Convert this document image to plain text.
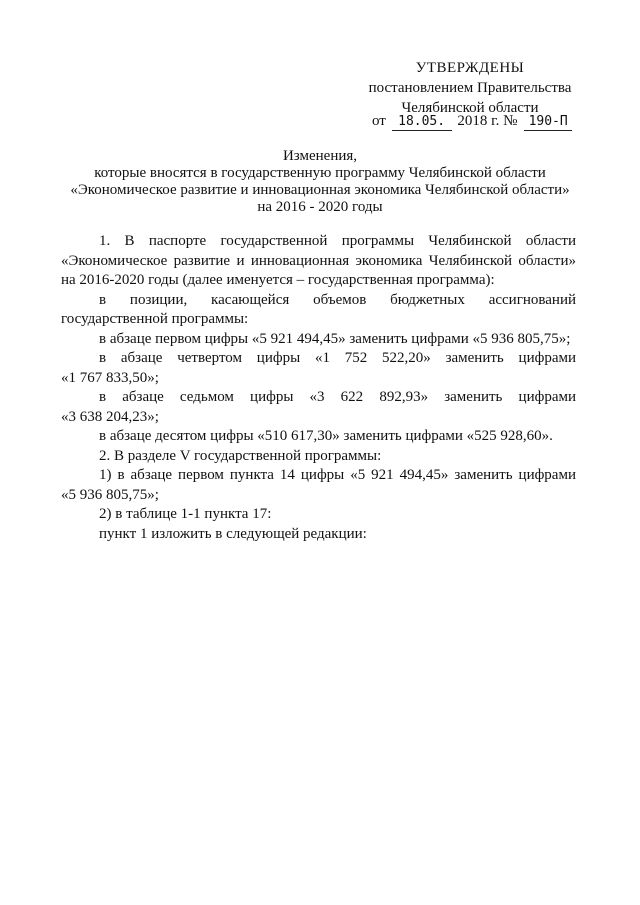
УТВЕРЖДЕНЫ
постановлением Правительства
Челябинской области
от 18.05. 2018 г. № 190-П
Изменения,
которые вносятся в государственную программу Челябинской области
«Экономическое развитие и инновационная экономика Челябинской области»
на 2016 - 2020 годы

1. В паспорте государственной программы Челябинской области

«Экономическое развитие и инновационная экономика Челябинской области»

на 2016-2020 годы (далее именуется – государственная программа):

в позиции, касающейся объемов бюджетных ассигнований

государственной программы:

в абзаце первом цифры «5 921 494,45» заменить цифрами «5 936 805,75»;

в абзаце четвертом цифры «1 752 522,20» заменить цифрами

«1 767 833,50»;

в абзаце седьмом цифры «3 622 892,93» заменить цифрами

«3 638 204,23»;

в абзаце десятом цифры «510 617,30» заменить цифрами «525 928,60».

2. В разделе V государственной программы:

1) в абзаце первом пункта 14 цифры «5 921 494,45» заменить цифрами

«5 936 805,75»;

2) в таблице 1-1 пункта 17:

пункт 1 изложить в следующей редакции:
